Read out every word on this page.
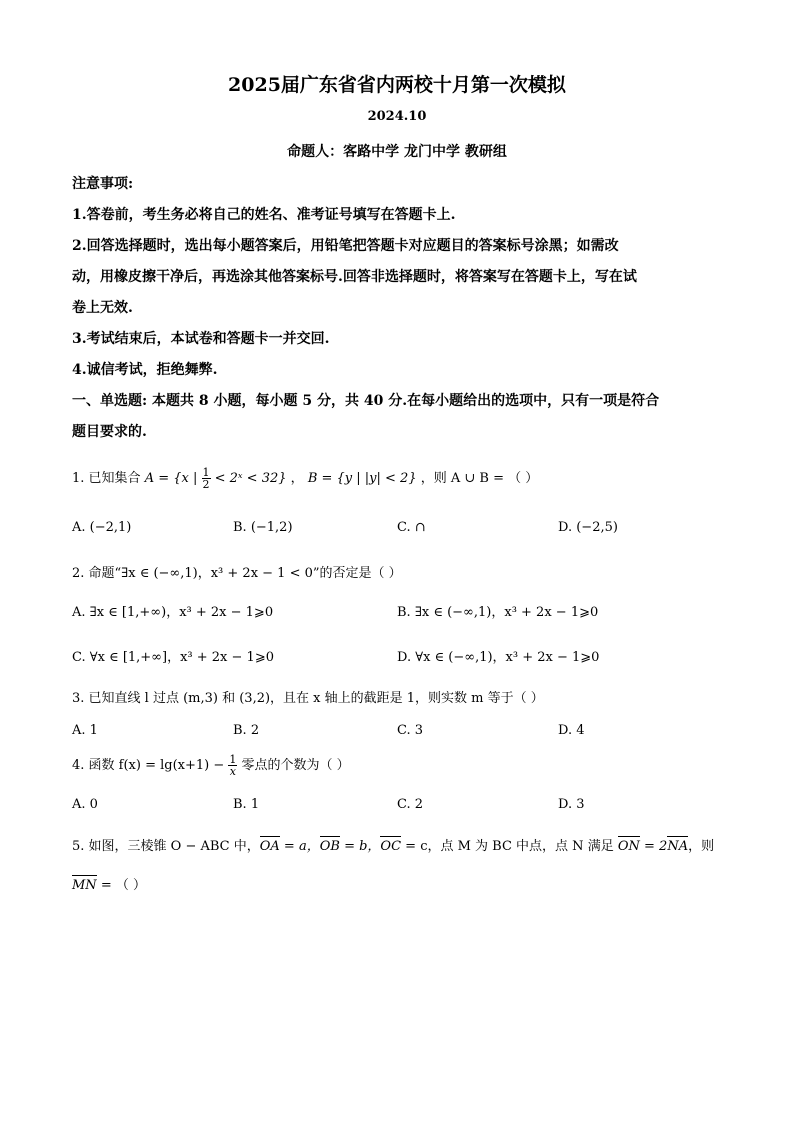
2025届广东省省内两校十月第一次模拟
2024.10
命题人：客路中学 龙门中学 教研组
注意事项:
1.答卷前，考生务必将自己的姓名、准考证号填写在答题卡上.
2.回答选择题时，选出每小题答案后，用铅笔把答题卡对应题目的答案标号涂黑；如需改
动，用橡皮擦干净后，再选涂其他答案标号.回答非选择题时，将答案写在答题卡上，写在试
卷上无效.
3.考试结束后，本试卷和答题卡一并交回.
4.诚信考试，拒绝舞弊.
一、单选题: 本题共 8 小题，每小题 5 分，共 40 分.在每小题给出的选项中，只有一项是符合
题目要求的.
1. 已知集合 A = {x | $\frac{1}{2}$ < 2ˣ < 32} ， B = {y | |y| < 2} ，则 A ∪ B = （ ）
A. (−2,1)	B. (−1,2)	C. ∩	D. (−2,5)
2. 命题“∃x ∈ (−∞,1)，x³ + 2x − 1 < 0”的否定是（ ）
A. ∃x ∈ [1,+∞)，x³ + 2x − 1⩾0	B. ∃x ∈ (−∞,1)，x³ + 2x − 1⩾0
C. ∀x ∈ [1,+∞]，x³ + 2x − 1⩾0	D. ∀x ∈ (−∞,1)，x³ + 2x − 1⩾0
3. 已知直线 l 过点 (m,3) 和 (3,2)，且在 x 轴上的截距是 1，则实数 m 等于（ ）
A. 1	B. 2	C. 3	D. 4
4. 函数 $f(x) = \lg(x+1) - \frac{1}{x}$ 零点的个数为（ ）
A. 0	B. 1	C. 2	D. 3
5. 如图，三棱锥 O − ABC 中，OA = a，OB = b，OC = c，点 M 为 BC 中点，点 N 满足 ON = 2NA，则
MN = （ ）
